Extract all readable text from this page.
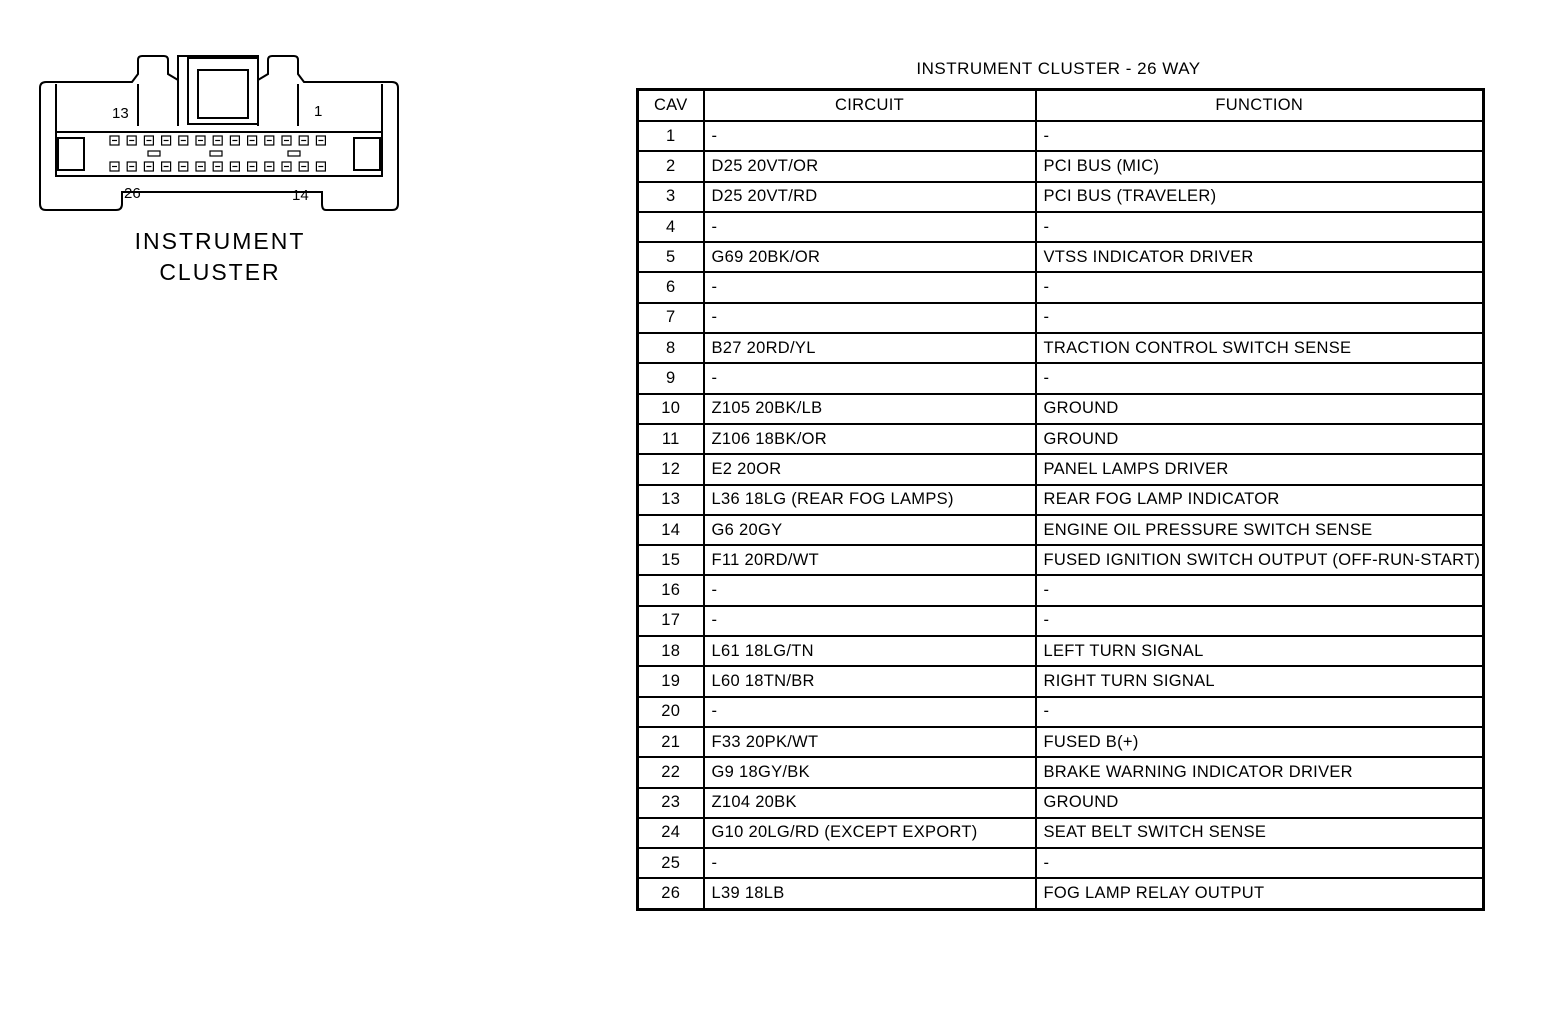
13	1
26	14
INSTRUMENT
CLUSTER
INSTRUMENT CLUSTER - 26 WAY
CAV	CIRCUIT	FUNCTION
1	-	-
2	D25 20VT/OR	PCI BUS (MIC)
3	D25 20VT/RD	PCI BUS (TRAVELER)
4	-	-
5	G69 20BK/OR	VTSS INDICATOR DRIVER
6	-	-
7	-	-
8	B27 20RD/YL	TRACTION CONTROL SWITCH SENSE
9	-	-
10	Z105 20BK/LB	GROUND
11	Z106 18BK/OR	GROUND
12	E2 20OR	PANEL LAMPS DRIVER
13	L36 18LG (REAR FOG LAMPS)	REAR FOG LAMP INDICATOR
14	G6 20GY	ENGINE OIL PRESSURE SWITCH SENSE
15	F11 20RD/WT	FUSED IGNITION SWITCH OUTPUT (OFF-RUN-START)
16	-	-
17	-	-
18	L61 18LG/TN	LEFT TURN SIGNAL
19	L60 18TN/BR	RIGHT TURN SIGNAL
20	-	-
21	F33 20PK/WT	FUSED B(+)
22	G9 18GY/BK	BRAKE WARNING INDICATOR DRIVER
23	Z104 20BK	GROUND
24	G10 20LG/RD (EXCEPT EXPORT)	SEAT BELT SWITCH SENSE
25	-	-
26	L39 18LB	FOG LAMP RELAY OUTPUT
